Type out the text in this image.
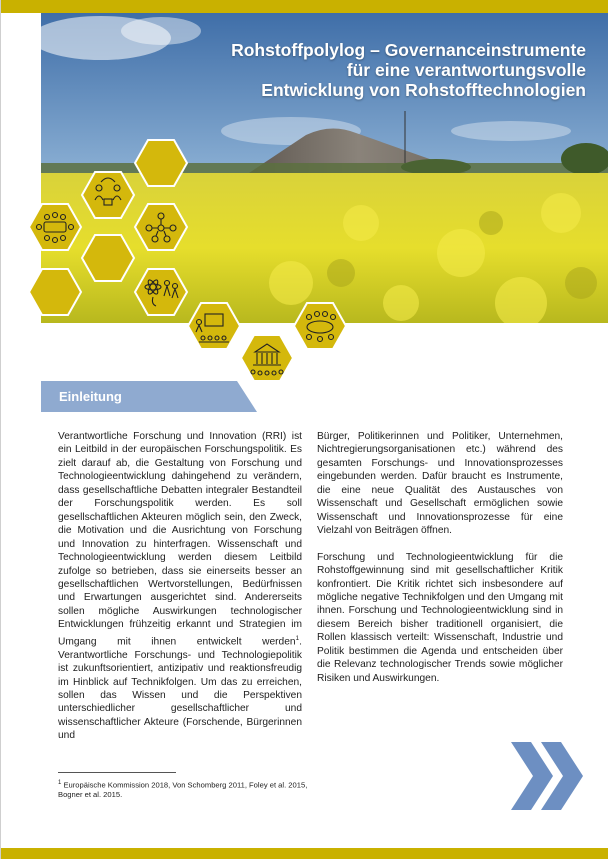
Rohstoffpolylog – Governanceinstrumente
für eine verantwortungsvolle
Entwicklung von Rohstofftechnologien
Einleitung

Verantwortliche Forschung und Innovation (RRI) ist ein Leitbild in der europäischen Forschungspolitik. Es zielt darauf ab, die Gestaltung von Forschung und Technologieentwicklung dahingehend zu verändern, dass gesellschaftliche Debatten integraler Bestandteil der Forschungspolitik werden. Es soll gesellschaftlichen Akteuren möglich sein, den Zweck, die Motivation und die Ausrichtung von Forschung und Innovation zu hinterfragen. Wissenschaft und Technologieentwicklung werden diesem Leitbild zufolge so betrieben, dass sie einerseits besser an gesellschaftlichen Wertvorstellungen, Bedürfnissen und Erwartungen ausgerichtet sind. Andererseits sollen mögliche Auswirkungen technologischer Entwicklungen frühzeitig erkannt und Strategien im Umgang mit ihnen entwickelt werden$^1$. Verantwortliche Forschungs- und Technologiepolitik ist zukunftsorientiert, antizipativ und reaktionsfreudig im Hinblick auf Technikfolgen. Um das zu erreichen, sollen das Wissen und die Perspektiven unterschiedlicher gesellschaftlicher und wissenschaftlicher Akteure (Forschende, Bürgerinnen und

Bürger, Politikerinnen und Politiker, Unternehmen, Nichtregierungsorganisationen etc.) während des gesamten Forschungs- und Innovationsprozesses eingebunden werden. Dafür braucht es Instrumente, die eine neue Qualität des Austausches von Wissenschaft und Gesellschaft ermöglichen sowie Wissenschaft und Innovationsprozesse für eine Vielzahl von Beiträgen öffnen.

Forschung und Technologieentwicklung für die Rohstoffgewinnung sind mit gesellschaftlicher Kritik konfrontiert. Die Kritik richtet sich insbesondere auf mögliche negative Technikfolgen und den Umgang mit ihnen. Forschung und Technologieentwicklung sind in diesem Bereich bisher traditionell organisiert, die Rollen klassisch verteilt: Wissenschaft, Industrie und Politik bestimmen die Agenda und entscheiden über die Relevanz technologischer Trends sowie möglicher Risiken und Auswirkungen.

$^1$ Europäische Kommission 2018, Von Schomberg 2011, Foley et al. 2015, Bogner et al. 2015.
